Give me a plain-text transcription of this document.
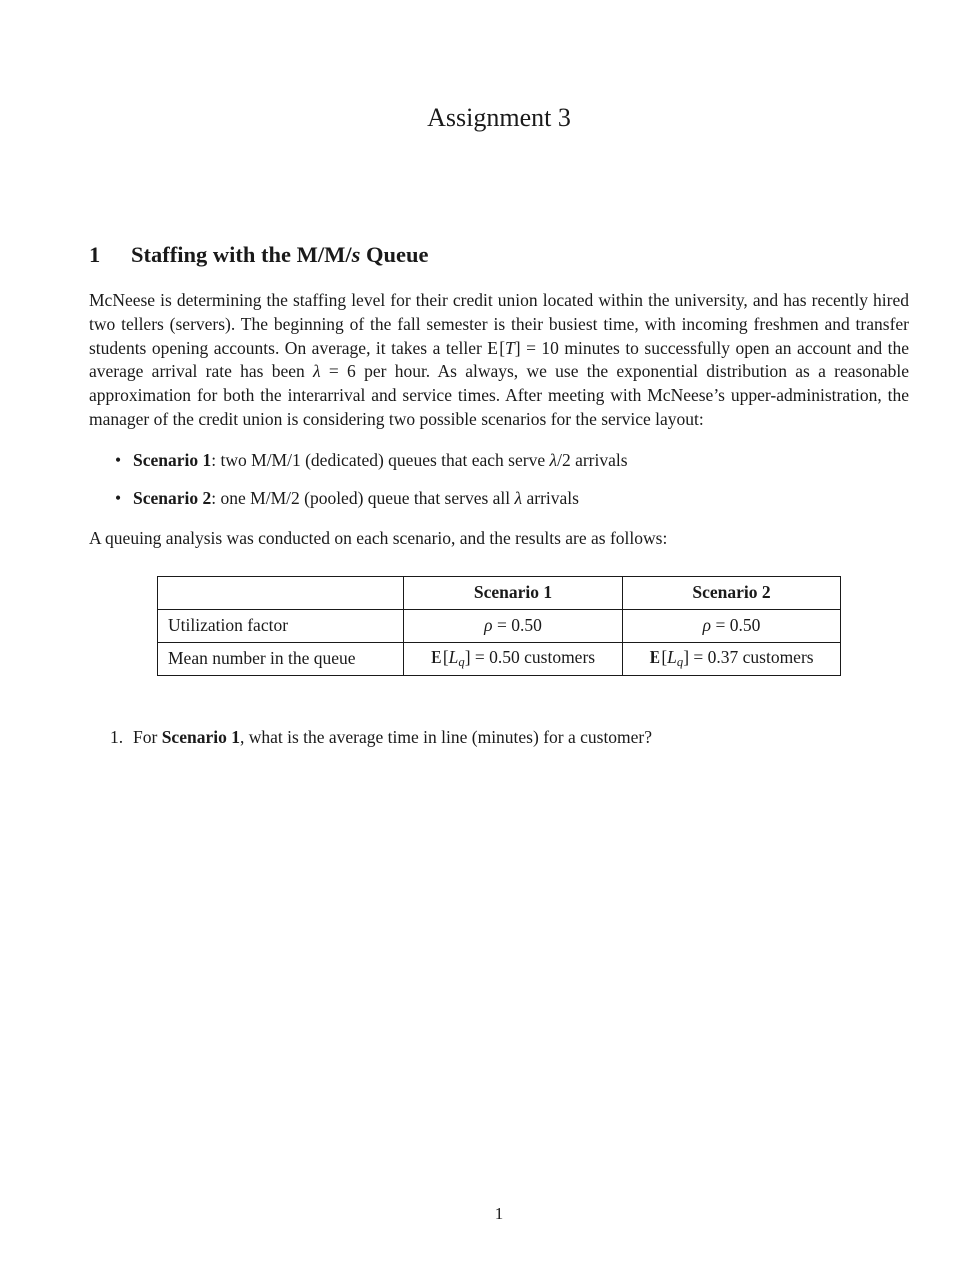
Assignment 3
1	Staffing with the M/M/s Queue

McNeese is determining the staffing level for their credit union located within the university, and has recently hired two tellers (servers). The beginning of the fall semester is their busiest time, with incoming freshmen and transfer students opening accounts. On average, it takes a teller E[T] = 10 minutes to successfully open an account and the average arrival rate has been λ = 6 per hour. As always, we use the exponential distribution as a reasonable approximation for both the interarrival and service times. After meeting with McNeese’s upper-administration, the manager of the credit union is considering two possible scenarios for the service layout:

• Scenario 1: two M/M/1 (dedicated) queues that each serve λ/2 arrivals
• Scenario 2: one M/M/2 (pooled) queue that serves all λ arrivals

A queuing analysis was conducted on each scenario, and the results are as follows:

	Scenario 1	Scenario 2
Utilization factor	ρ = 0.50	ρ = 0.50
Mean number in the queue	E[Lq] = 0.50 customers	E[Lq] = 0.37 customers
1. For Scenario 1, what is the average time in line (minutes) for a customer?
1
